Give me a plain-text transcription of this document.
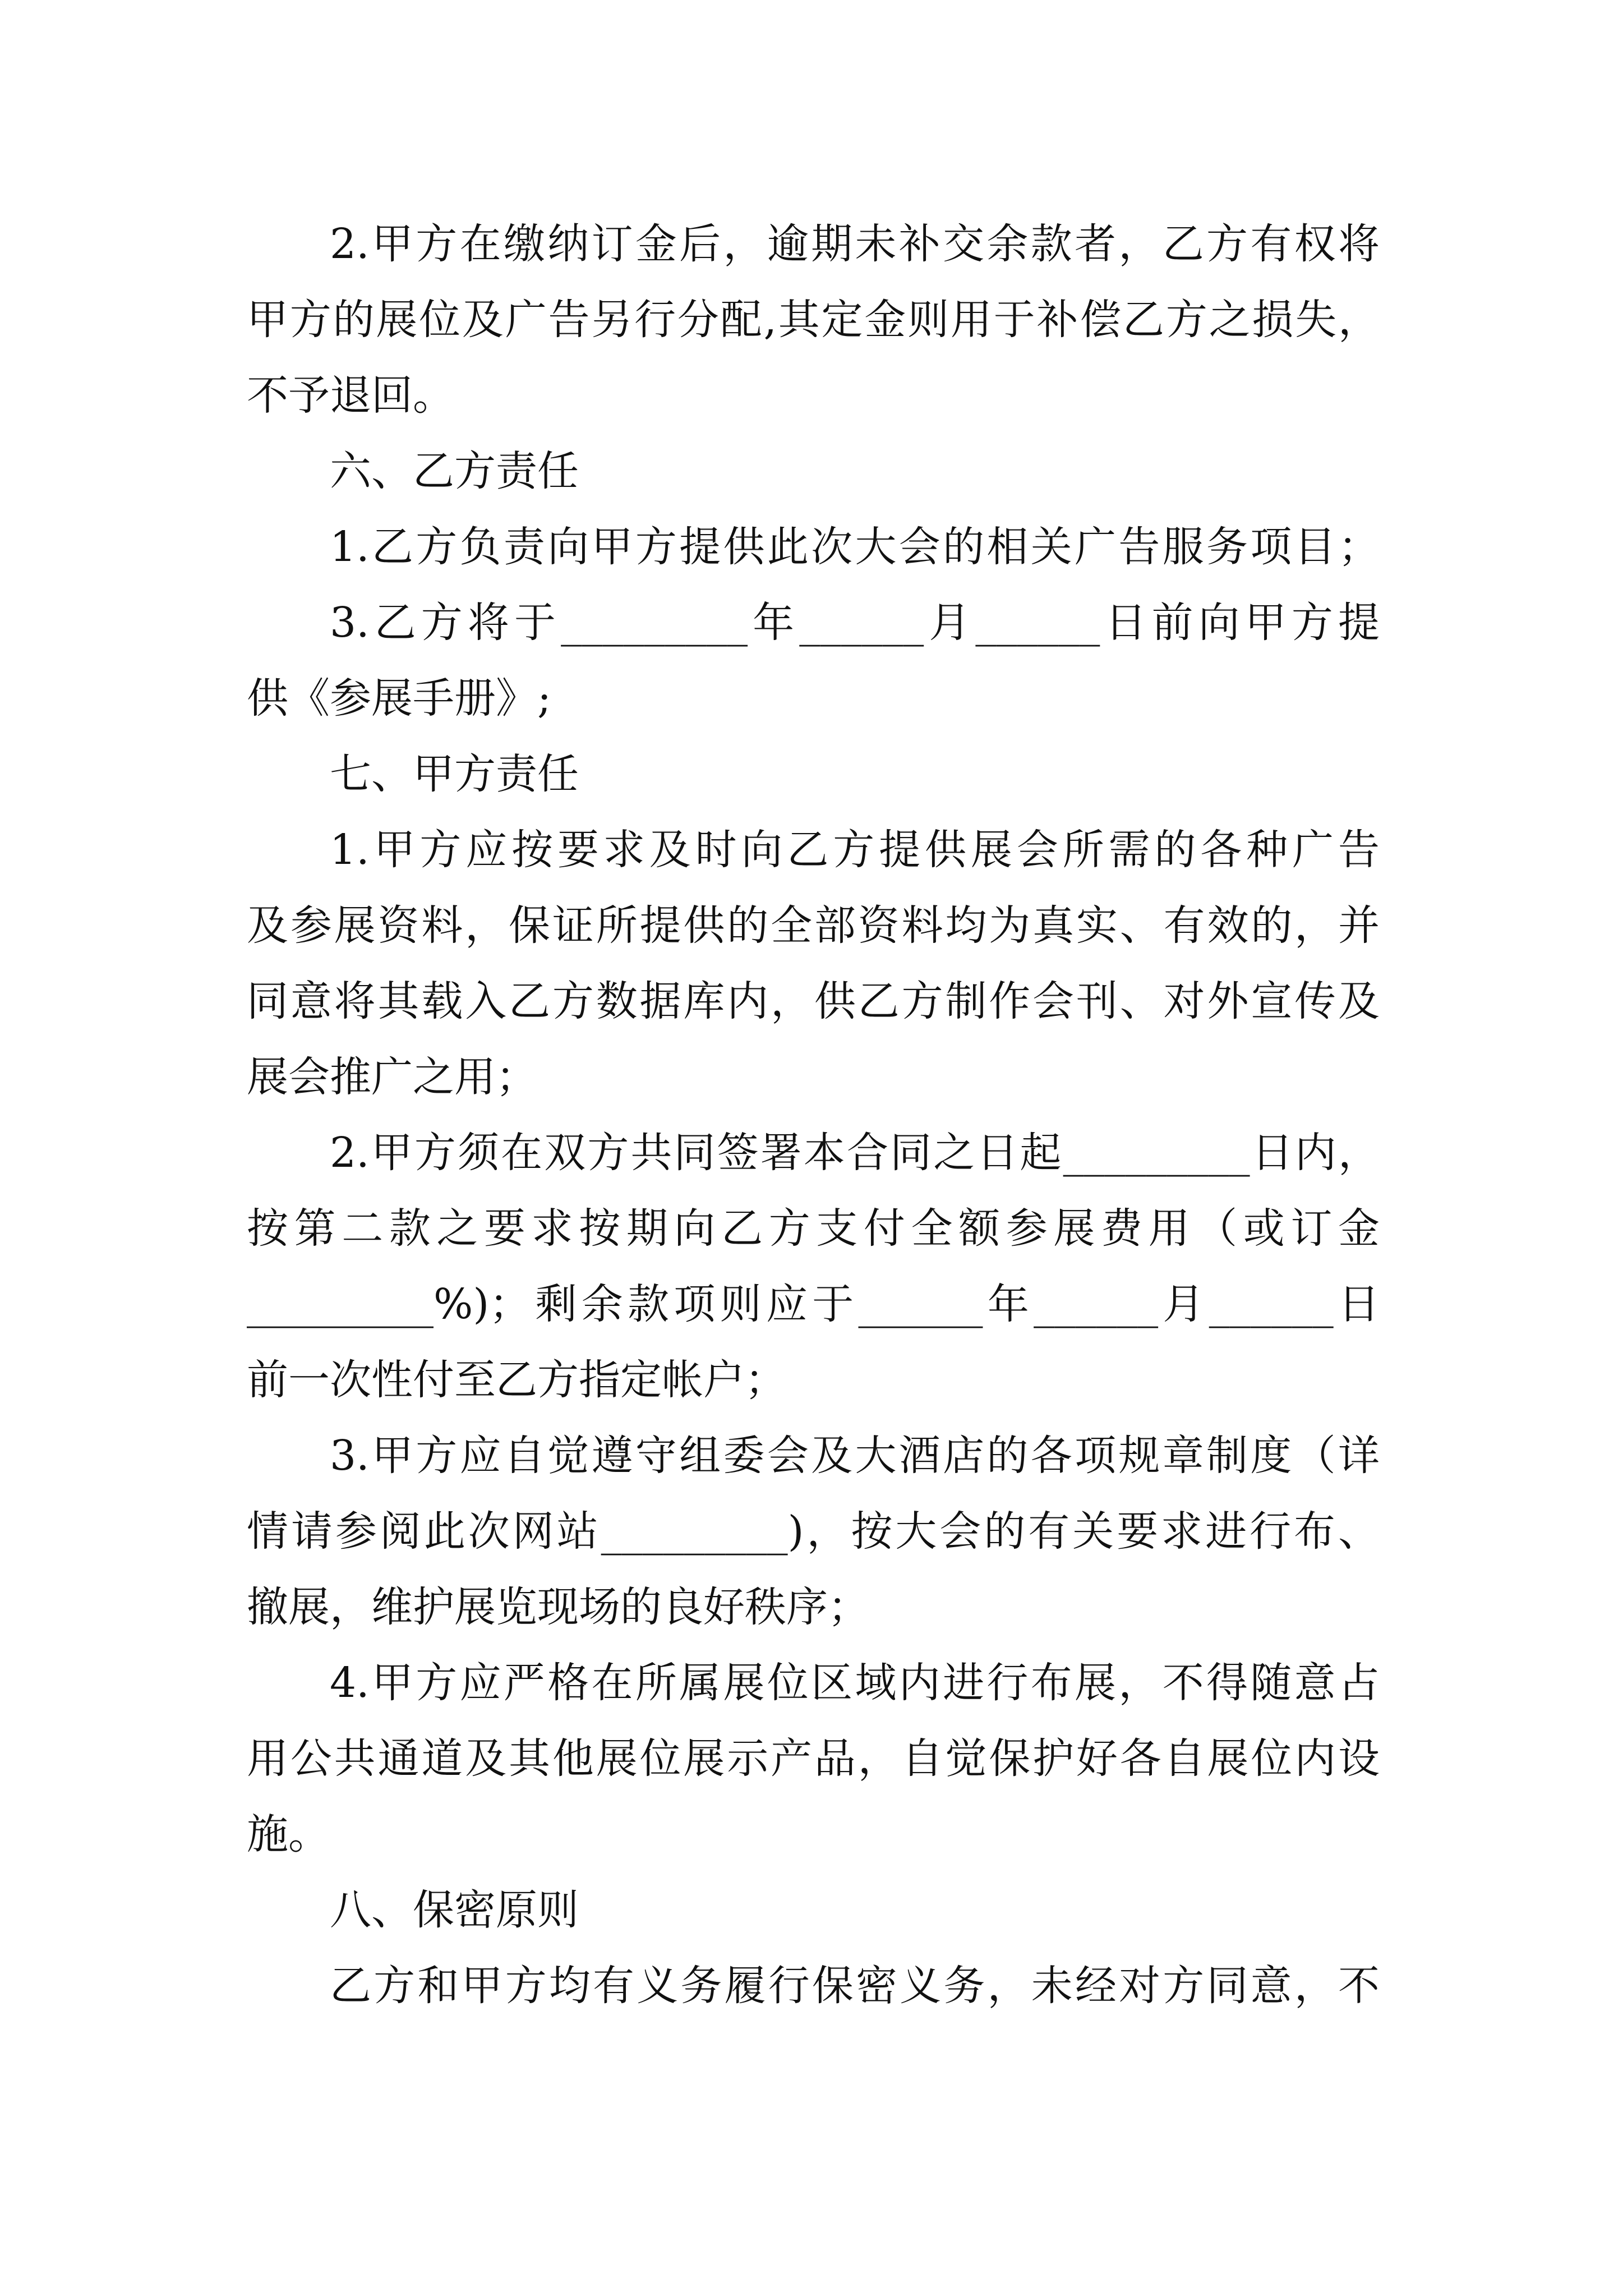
2.甲方在缴纳订金后，逾期未补交余款者，乙方有权将
甲方的展位及广告另行分配,其定金则用于补偿乙方之损失，
不予退回。
六、乙方责任
1.乙方负责向甲方提供此次大会的相关广告服务项目；
3.乙方将于_________年______月______日前向甲方提
供《参展手册》;
七、甲方责任
1.甲方应按要求及时向乙方提供展会所需的各种广告
及参展资料，保证所提供的全部资料均为真实、有效的，并
同意将其载入乙方数据库内，供乙方制作会刊、对外宣传及
展会推广之用；
2.甲方须在双方共同签署本合同之日起_________日内，
按第二款之要求按期向乙方支付全额参展费用（或订金
_________%)；剩余款项则应于______年______月______日
前一次性付至乙方指定帐户；
3.甲方应自觉遵守组委会及大酒店的各项规章制度（详
情请参阅此次网站_________)，按大会的有关要求进行布、
撤展，维护展览现场的良好秩序；
4.甲方应严格在所属展位区域内进行布展，不得随意占
用公共通道及其他展位展示产品，自觉保护好各自展位内设
施。
八、保密原则
乙方和甲方均有义务履行保密义务，未经对方同意，不
